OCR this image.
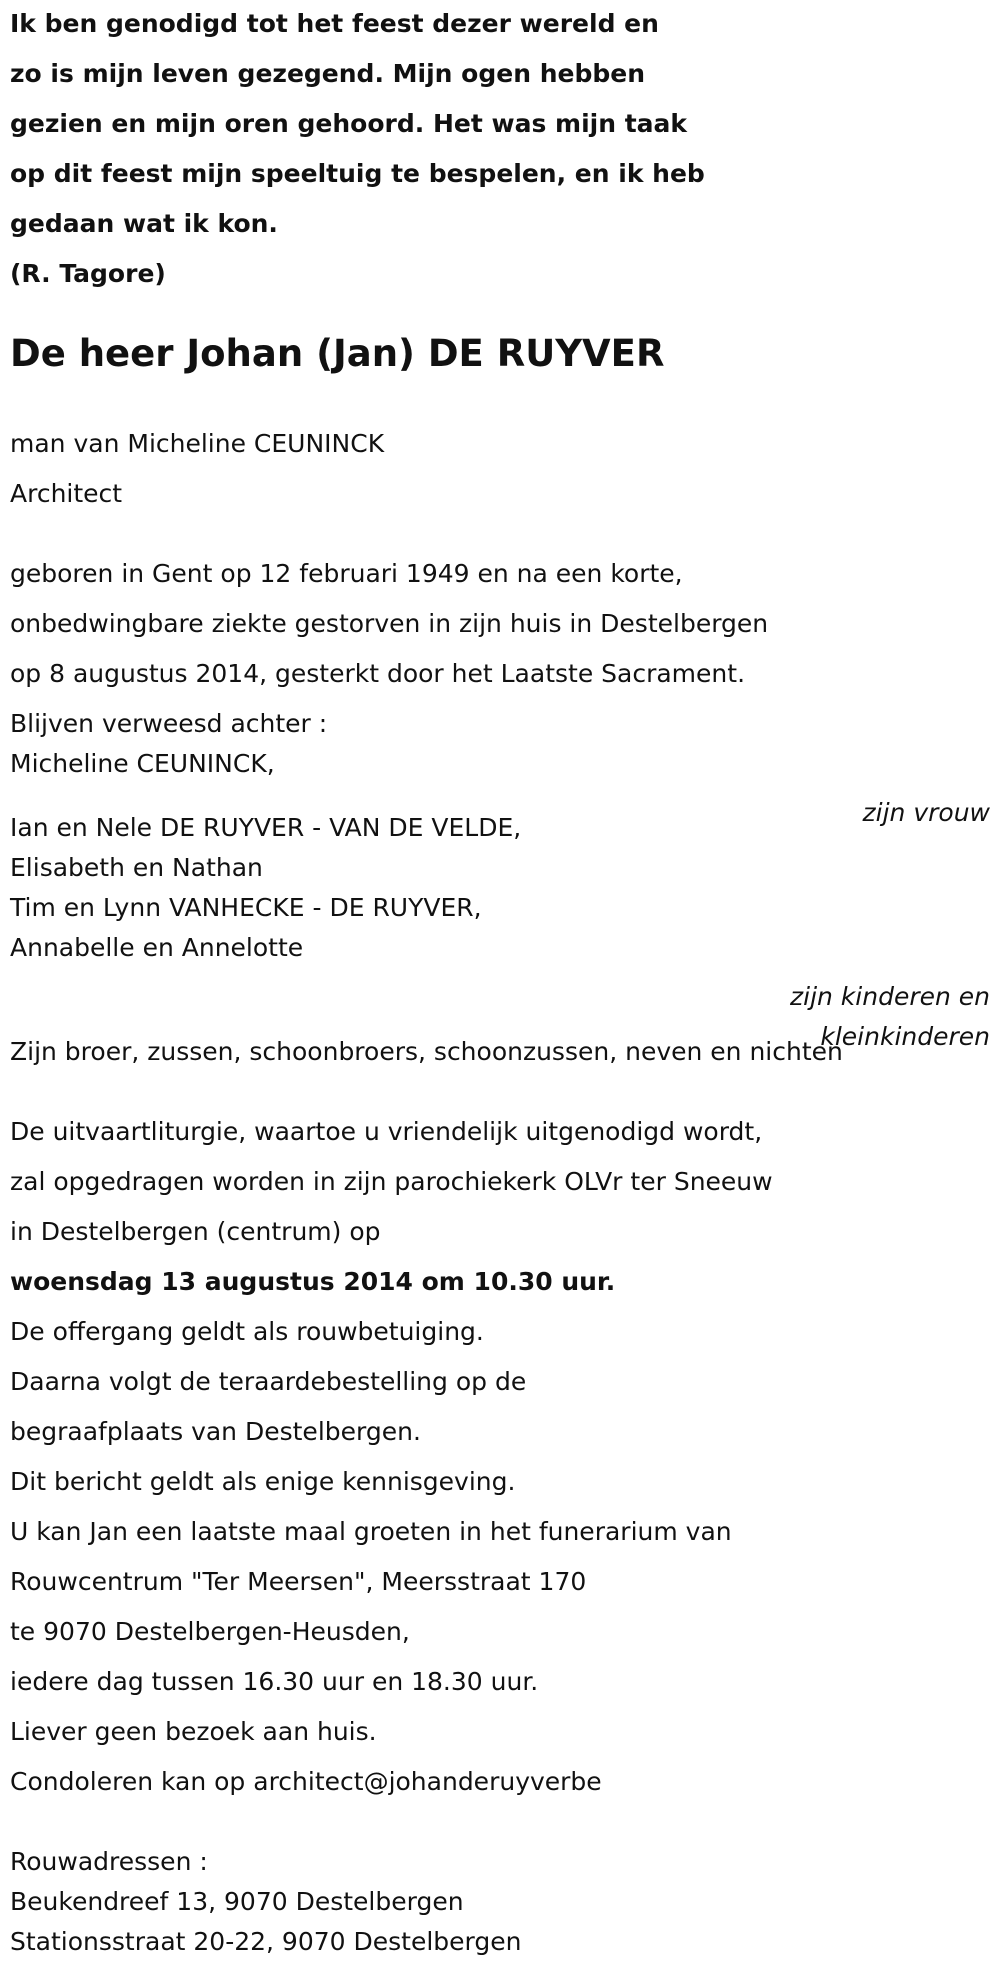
Ik ben genodigd tot het feest dezer wereld en

zo is mijn leven gezegend. Mijn ogen hebben

gezien en mijn oren gehoord. Het was mijn taak

op dit feest mijn speeltuig te bespelen, en ik heb

gedaan wat ik kon.

(R. Tagore)

De heer Johan (Jan) DE RUYVER

man van Micheline CEUNINCK

Architect

geboren in Gent op 12 februari 1949 en na een korte,

onbedwingbare ziekte gestorven in zijn huis in Destelbergen

op 8 augustus 2014, gesterkt door het Laatste Sacrament.

Blijven verweesd achter :

Micheline CEUNINCK,

zijn vrouw

Ian en Nele DE RUYVER - VAN DE VELDE,

Elisabeth en Nathan

Tim en Lynn VANHECKE - DE RUYVER,

Annabelle en Annelotte

zijn kinderen en

kleinkinderen

Zijn broer, zussen, schoonbroers, schoonzussen, neven en nichten

De uitvaartliturgie, waartoe u vriendelijk uitgenodigd wordt,

zal opgedragen worden in zijn parochiekerk OLVr ter Sneeuw

in Destelbergen (centrum) op

woensdag 13 augustus 2014 om 10.30 uur.

De offergang geldt als rouwbetuiging.

Daarna volgt de teraardebestelling op de

begraafplaats van Destelbergen.

Dit bericht geldt als enige kennisgeving.

U kan Jan een laatste maal groeten in het funerarium van

Rouwcentrum "Ter Meersen", Meersstraat 170

te 9070 Destelbergen-Heusden,

iedere dag tussen 16.30 uur en 18.30 uur.

Liever geen bezoek aan huis.

Condoleren kan op architect@johanderuyverbe

Rouwadressen :

Beukendreef 13, 9070 Destelbergen

Stationsstraat 20-22, 9070 Destelbergen
